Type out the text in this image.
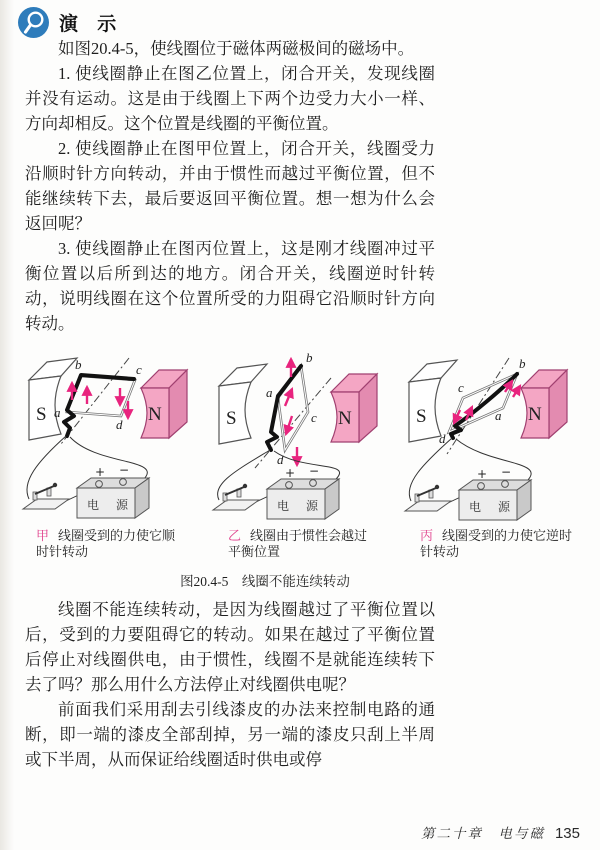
演 示

如图20.4-5，使线圈位于磁体两磁极间的磁场中。

1. 使线圈静止在图乙位置上，闭合开关，发现线圈并没有运动。这是由于线圈上下两个边受力大小一样、方向却相反。这个位置是线圈的平衡位置。

2. 使线圈静止在图甲位置上，闭合开关，线圈受力沿顺时针方向转动，并由于惯性而越过平衡位置，但不能继续转下去，最后要返回平衡位置。想一想为什么会返回呢？

3. 使线圈静止在图丙位置上，这是刚才线圈冲过平衡位置以后所到达的地方。闭合开关，线圈逆时针转动，说明线圈在这个位置所受的力阻碍它沿顺时针方向转动。

S	N
b	c
a
d
+ −
电 源
S	N
b
a
c
d
+ −
电 源
S	N
b
c
a
d
+ −
电 源
甲 线圈受到的力使它顺时针转动
乙 线圈由于惯性会越过平衡位置
丙 线圈受到的力使它逆时针转动
图20.4-5　线圈不能连续转动

线圈不能连续转动，是因为线圈越过了平衡位置以后，受到的力要阻碍它的转动。如果在越过了平衡位置后停止对线圈供电，由于惯性，线圈不是就能连续转下去了吗？那么用什么方法停止对线圈供电呢？

前面我们采用刮去引线漆皮的办法来控制电路的通断，即一端的漆皮全部刮掉，另一端的漆皮只刮上半周或下半周，从而保证给线圈适时供电或停

第二十章　电与磁 135
